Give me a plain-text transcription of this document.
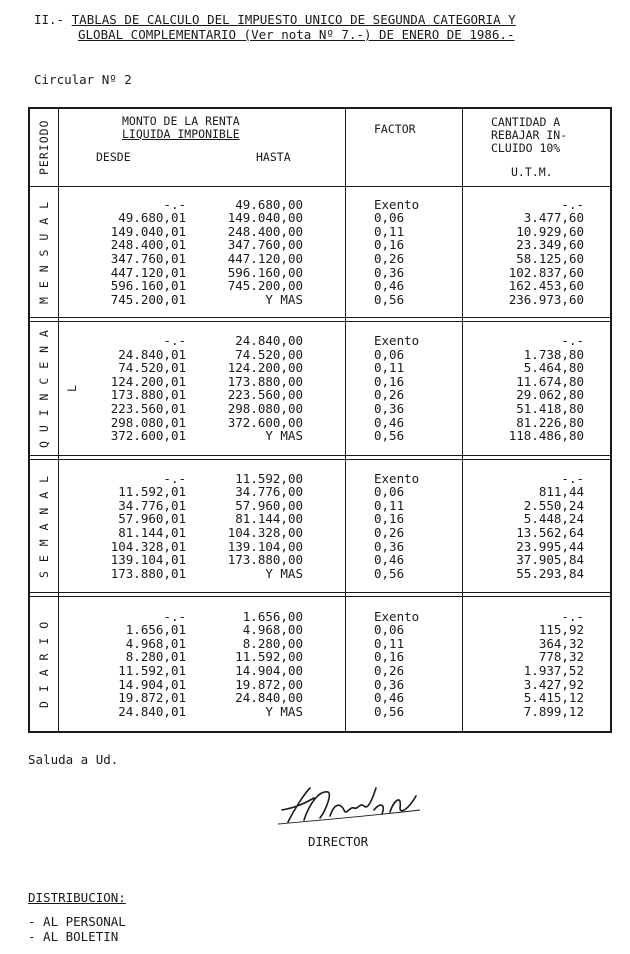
II.- TABLAS DE CALCULO DEL IMPUESTO UNICO DE SEGUNDA CATEGORIA Y
GLOBAL COMPLEMENTARIO (Ver nota Nº 7.-) DE ENERO DE 1986.-
Circular Nº 2
PERIODO	MONTO DE LA RENTA
LIQUIDA IMPONIBLE
DESDE	HASTA
FACTOR	CANTIDAD A
REBAJAR IN-
CLUIDO 10%
U.T.M.
M E N S U A L	-.-	49.680,00	Exento	-.-
49.680,01	149.040,00	0,06	3.477,60
149.040,01	248.400,00	0,11	10.929,60
248.400,01	347.760,00	0,16	23.349,60
347.760,01	447.120,00	0,26	58.125,60
447.120,01	596.160,00	0,36	102.837,60
596.160,01	745.200,00	0,46	162.453,60
745.200,01	Y MAS	0,56	236.973,60
Q U I N C E N A L
-.-	24.840,00	Exento	-.-
24.840,01	74.520,00	0,06	1.738,80
74.520,01	124.200,00	0,11	5.464,80
124.200,01	173.880,00	0,16	11.674,80
173.880,01	223.560,00	0,26	29.062,80
223.560,01	298.080,00	0,36	51.418,80
298.080,01	372.600,00	0,46	81.226,80
372.600,01	Y MAS	0,56	118.486,80
S E M A N A L	-.-	11.592,00	Exento	-.-
11.592,01	34.776,00	0,06	811,44
34.776,01	57.960,00	0,11	2.550,24
57.960,01	81.144,00	0,16	5.448,24
81.144,01	104.328,00	0,26	13.562,64
104.328,01	139.104,00	0,36	23.995,44
139.104,01	173.880,00	0,46	37.905,84
173.880,01	Y MAS	0,56	55.293,84
D I A R I O
-.-	1.656,00	Exento	-.-
1.656,01	4.968,00	0,06	115,92
4.968,01	8.280,00	0,11	364,32
8.280,01	11.592,00	0,16	778,32
11.592,01	14.904,00	0,26	1.937,52
14.904,01	19.872,00	0,36	3.427,92
19.872,01	24.840,00	0,46	5.415,12
24.840,01	Y MAS	0,56	7.899,12
Saluda a Ud.
DIRECTOR
DISTRIBUCION:
- AL PERSONAL
- AL BOLETIN
